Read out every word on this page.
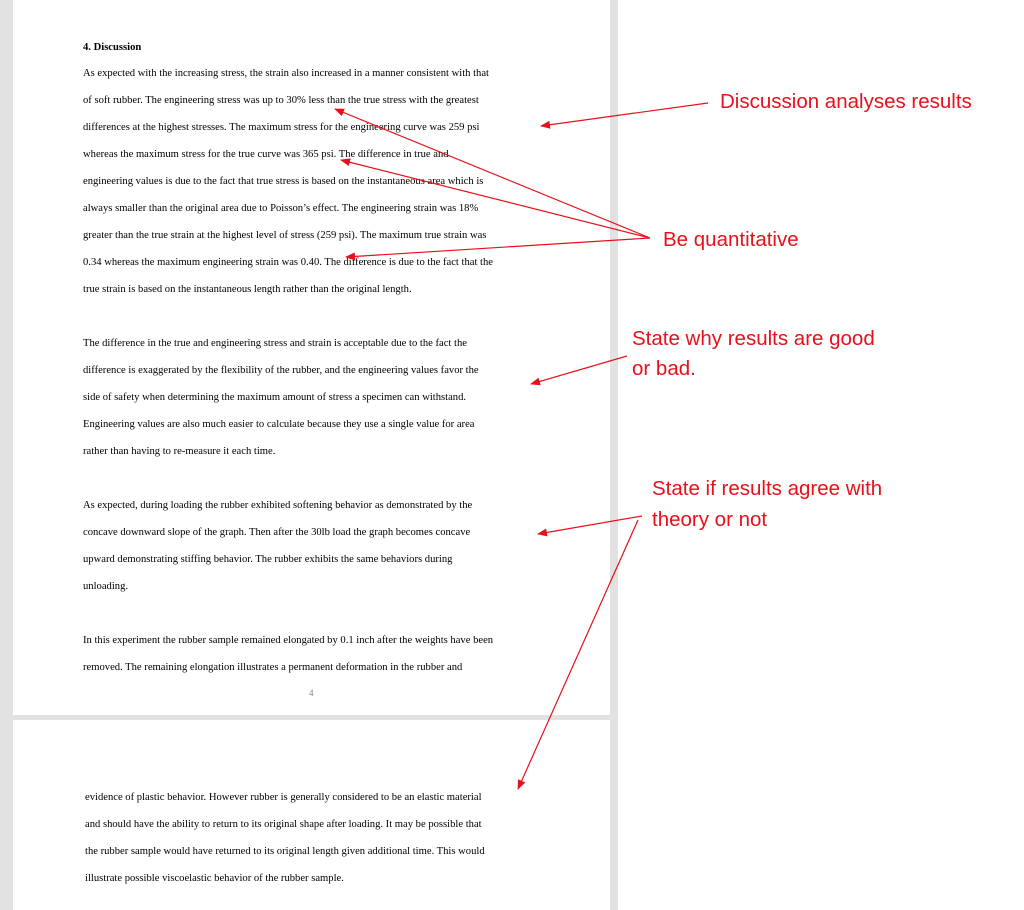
4. Discussion

As expected with the increasing stress, the strain also increased in a manner consistent with that

of soft rubber. The engineering stress was up to 30% less than the true stress with the greatest

differences at the highest stresses. The maximum stress for the engineering curve was 259 psi

whereas the maximum stress for the true curve was 365 psi. The difference in true and

engineering values is due to the fact that true stress is based on the instantaneous area which is

always smaller than the original area due to Poisson’s effect. The engineering strain was 18%

greater than the true strain at the highest level of stress (259 psi). The maximum true strain was

0.34 whereas the maximum engineering strain was 0.40. The difference is due to the fact that the

true strain is based on the instantaneous length rather than the original length.

The difference in the true and engineering stress and strain is acceptable due to the fact the

difference is exaggerated by the flexibility of the rubber, and the engineering values favor the

side of safety when determining the maximum amount of stress a specimen can withstand.

Engineering values are also much easier to calculate because they use a single value for area

rather than having to re-measure it each time.

As expected, during loading the rubber exhibited softening behavior as demonstrated by the

concave downward slope of the graph. Then after the 30lb load the graph becomes concave

upward demonstrating stiffing behavior. The rubber exhibits the same behaviors during

unloading.

In this experiment the rubber sample remained elongated by 0.1 inch after the weights have been

removed. The remaining elongation illustrates a permanent deformation in the rubber and

4

evidence of plastic behavior. However rubber is generally considered to be an elastic material

and should have the ability to return to its original shape after loading. It may be possible that

the rubber sample would have returned to its original length given additional time. This would

illustrate possible viscoelastic behavior of the rubber sample.

Discussion analyses results

Be quantitative

State why results are good

or bad.

State if results agree with

theory or not
